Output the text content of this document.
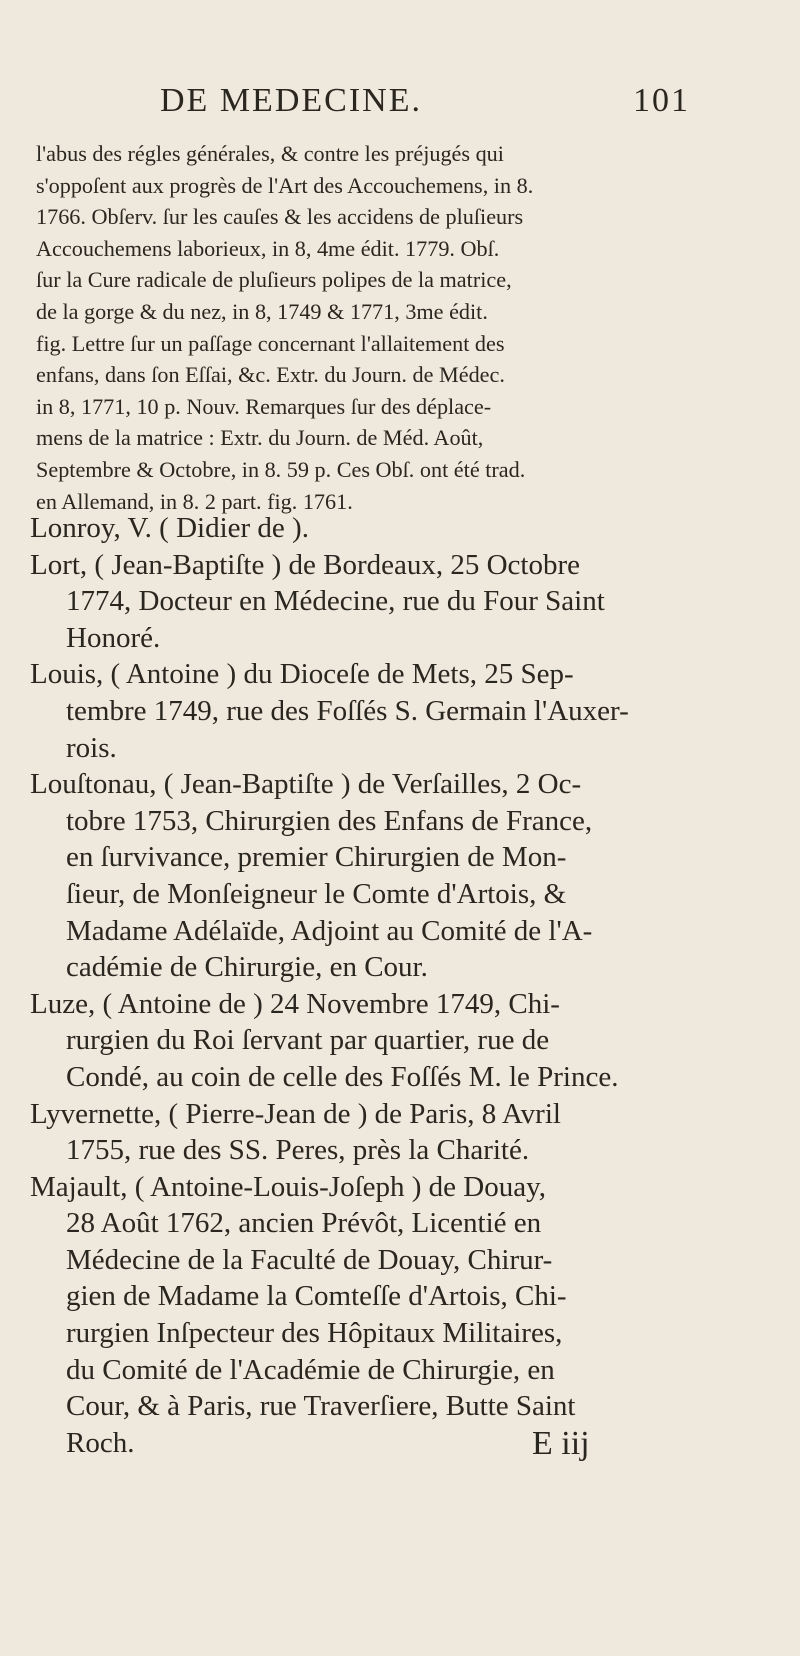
DE MEDECINE.	101
l'abus des régles générales, & contre les préjugés qui
s'oppoſent aux progrès de l'Art des Accouchemens, in 8.
1766. Obſerv. ſur les cauſes & les accidens de pluſieurs
Accouchemens laborieux, in 8, 4me édit. 1779. Obſ.
ſur la Cure radicale de pluſieurs polipes de la matrice,
de la gorge & du nez, in 8, 1749 & 1771, 3me édit.
fig. Lettre ſur un paſſage concernant l'allaitement des
enfans, dans ſon Eſſai, &c. Extr. du Journ. de Médec.
in 8, 1771, 10 p. Nouv. Remarques ſur des déplace-
mens de la matrice : Extr. du Journ. de Méd. Août,
Septembre & Octobre, in 8. 59 p. Ces Obſ. ont été trad.
en Allemand, in 8. 2 part. fig. 1761.
Lonroy, V. ( Didier de ).
Lort, ( Jean-Baptiſte ) de Bordeaux, 25 Octobre
1774, Docteur en Médecine, rue du Four Saint
Honoré.
Louis, ( Antoine ) du Dioceſe de Mets, 25 Sep-
tembre 1749, rue des Foſſés S. Germain l'Auxer-
rois.
Louſtonau, ( Jean-Baptiſte ) de Verſailles, 2 Oc-
tobre 1753, Chirurgien des Enfans de France,
en ſurvivance, premier Chirurgien de Mon-
ſieur, de Monſeigneur le Comte d'Artois, &
Madame Adélaïde, Adjoint au Comité de l'A-
cadémie de Chirurgie, en Cour.
Luze, ( Antoine de ) 24 Novembre 1749, Chi-
rurgien du Roi ſervant par quartier, rue de
Condé, au coin de celle des Foſſés M. le Prince.
Lyvernette, ( Pierre-Jean de ) de Paris, 8 Avril
1755, rue des SS. Peres, près la Charité.
Majault, ( Antoine-Louis-Joſeph ) de Douay,
28 Août 1762, ancien Prévôt, Licentié en
Médecine de la Faculté de Douay, Chirur-
gien de Madame la Comteſſe d'Artois, Chi-
rurgien Inſpecteur des Hôpitaux Militaires,
du Comité de l'Académie de Chirurgie, en
Cour, & à Paris, rue Traverſiere, Butte Saint
Roch.	E iij
